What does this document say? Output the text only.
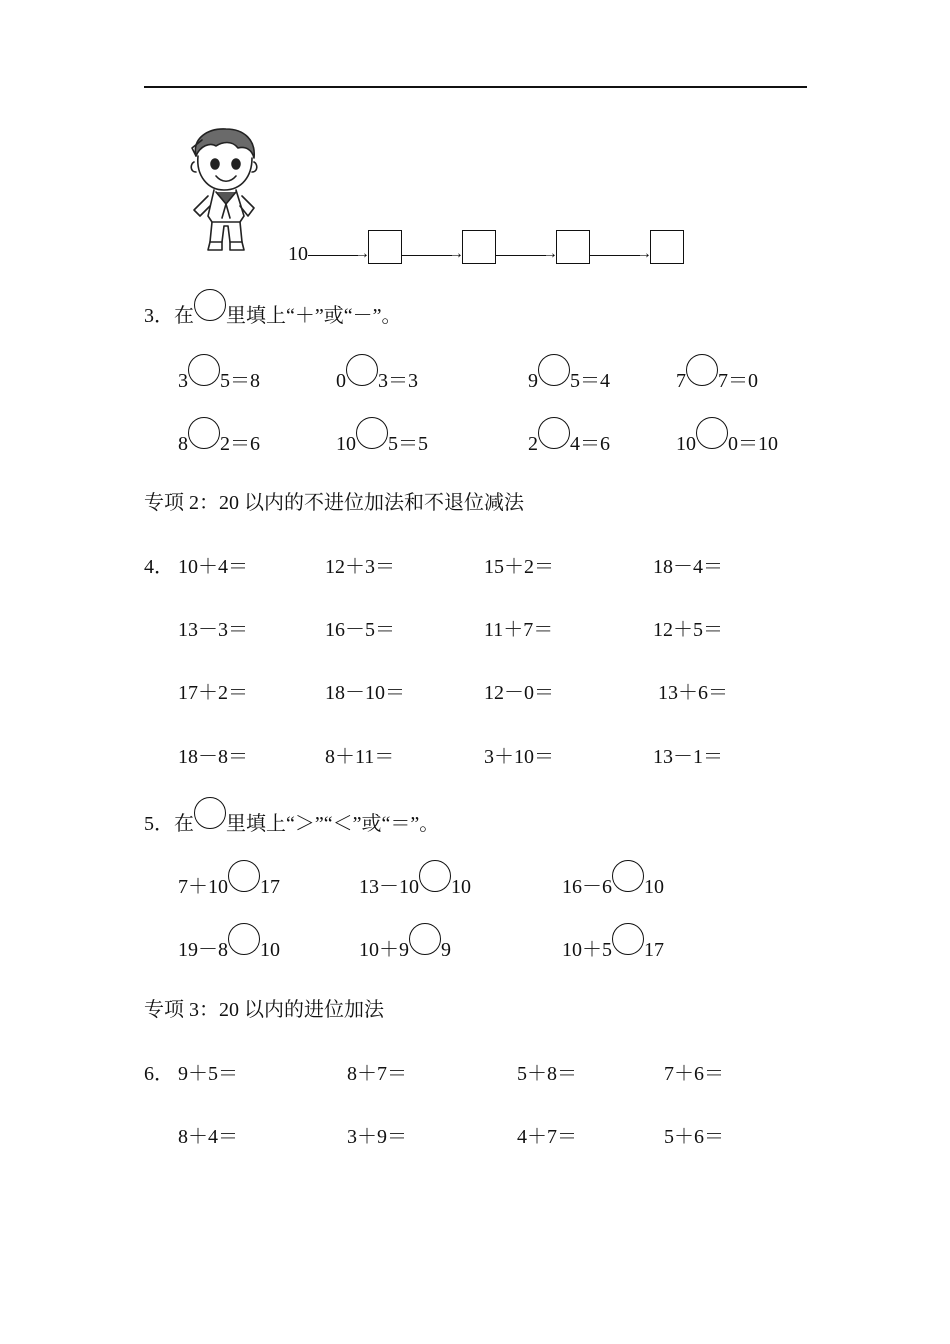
10	→	→	→	→
3．在 里填上“＋”或“－”。
3 5＝8	0 3＝3	9 5＝4	7 7＝0
8 2＝6	10 5＝5	2 4＝6	10 0＝10
专项 2：20 以内的不进位加法和不退位减法
4． 10＋4＝	12＋3＝	15＋2＝	18－4＝
13－3＝	16－5＝	11＋7＝	12＋5＝
17＋2＝	18－10＝	12－0＝	13＋6＝
18－8＝	8＋11＝	3＋10＝	13－1＝
5．在 里填上“＞”“＜”或“＝”。
7＋10 17	13－10 10	16－6 10
19－8 10	10＋9 9	10＋5 17
专项 3：20 以内的进位加法
6． 9＋5＝	8＋7＝	5＋8＝	7＋6＝
8＋4＝	3＋9＝	4＋7＝	5＋6＝
